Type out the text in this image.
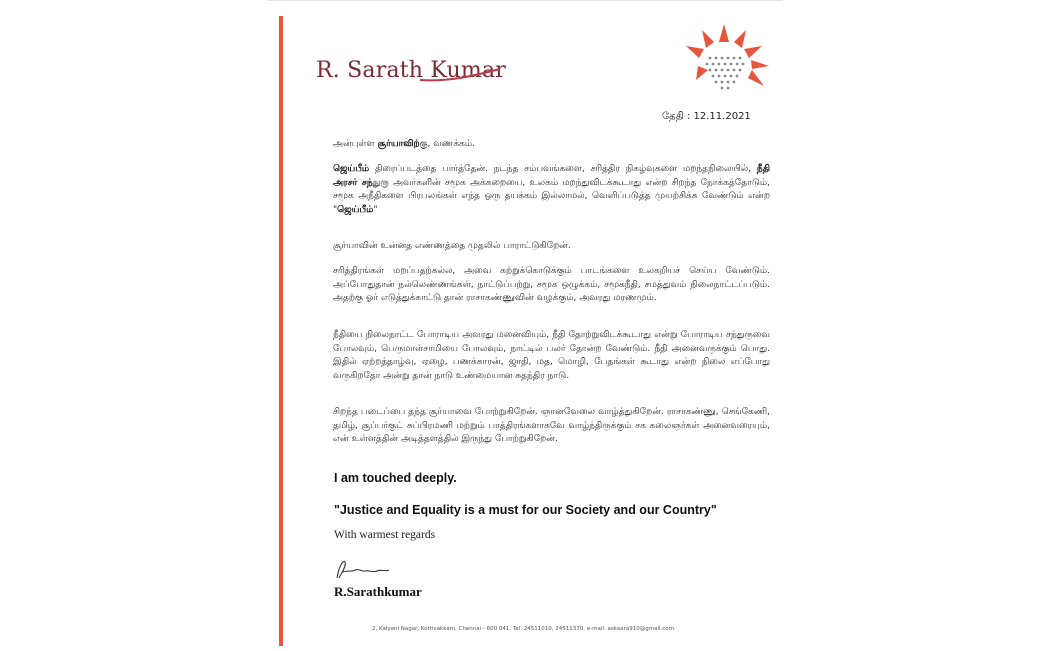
R. Sarath Kumar
தேதி : 12.11.2021

அன்புள்ள சூர்யாவிற்கு, வணக்கம்.

ஜெய்பீம் திரைப்படத்தை பார்த்தேன். நடந்த சம்பவங்களை, சரித்திர நிகழ்வுகளை மறந்தநிலையில், நீதி அரசர் சந்துரு அவர்களின் சமூக அக்கறையை, உலகம் மறந்துவிடக்கூடாது என்ற சிறந்த நோக்கத்தோடும், சமூக அநீதிகளை பிரபலங்கள் எந்த ஒரு தயக்கம் இல்லாமல், வெளிப்படுத்த முயற்சிக்க வேண்டும் என்ற "ஜெய்பீம்"

சூர்யாவின் உன்னத எண்ணத்தை முதலில் பாராட்டுகிறேன்.

சரித்திரங்கள் மறப்பதற்கல்ல, அவை கற்றுக்கொடுக்கும் பாடங்களை உலகறியச் செய்ய வேண்டும். அப்போதுதான் நல்லெண்ணங்கள், நாட்டுப்பற்று, சமூக ஒழுக்கம், சமூகநீதி, சமத்துவம் நிலைநாட்டப்படும். அதற்கு ஓர் எடுத்துக்காட்டு தான் ராசாகண்ணுவின் வழக்கும், அவரது மரணமும்.

நீதியை நிலைநாட்ட போராடிய அவரது மனைவியும், நீதி தோற்றுவிடக்கூடாது என்று போராடிய சந்துருவை போலவும், பெருமாள்சாமியை போலவும், நாட்டில் பலர் தோன்ற வேண்டும். நீதி அனைவருக்கும் பொது. இதில் ஏற்றத்தாழ்வு, ஏழை, பணக்காரன், ஜாதி, மத, மொழி, பேதங்கள் கூடாது என்ற நிலை எப்போது வருகிறதோ அன்று தான் நாடு உண்மையான சுதந்திர நாடு.

சிறந்த படைப்பை தந்த சூர்யாவை போற்றுகிறேன். ஞானவேலை வாழ்த்துகிறேன். ராசாகண்ணு, செங்கேணி, தமிழ், சூப்பர்குட் சுப்பிரமணி மற்றும் பாத்திரங்களாகவே வாழ்ந்திருக்கும் சக கலைஞர்கள் அனைவரையும், என் உள்ளத்தின் அடித்தளத்தில் இருந்து போற்றுகிறேன்.

I am touched deeply.
"Justice and Equality is a must for our Society and our Country"
With warmest regards
R.Sarathkumar
2, Kalyani Nagar, Kottivakkam, Chennai - 600 041. Tel: 24511010, 24511370. e-mail: askaara910@gmail.com
